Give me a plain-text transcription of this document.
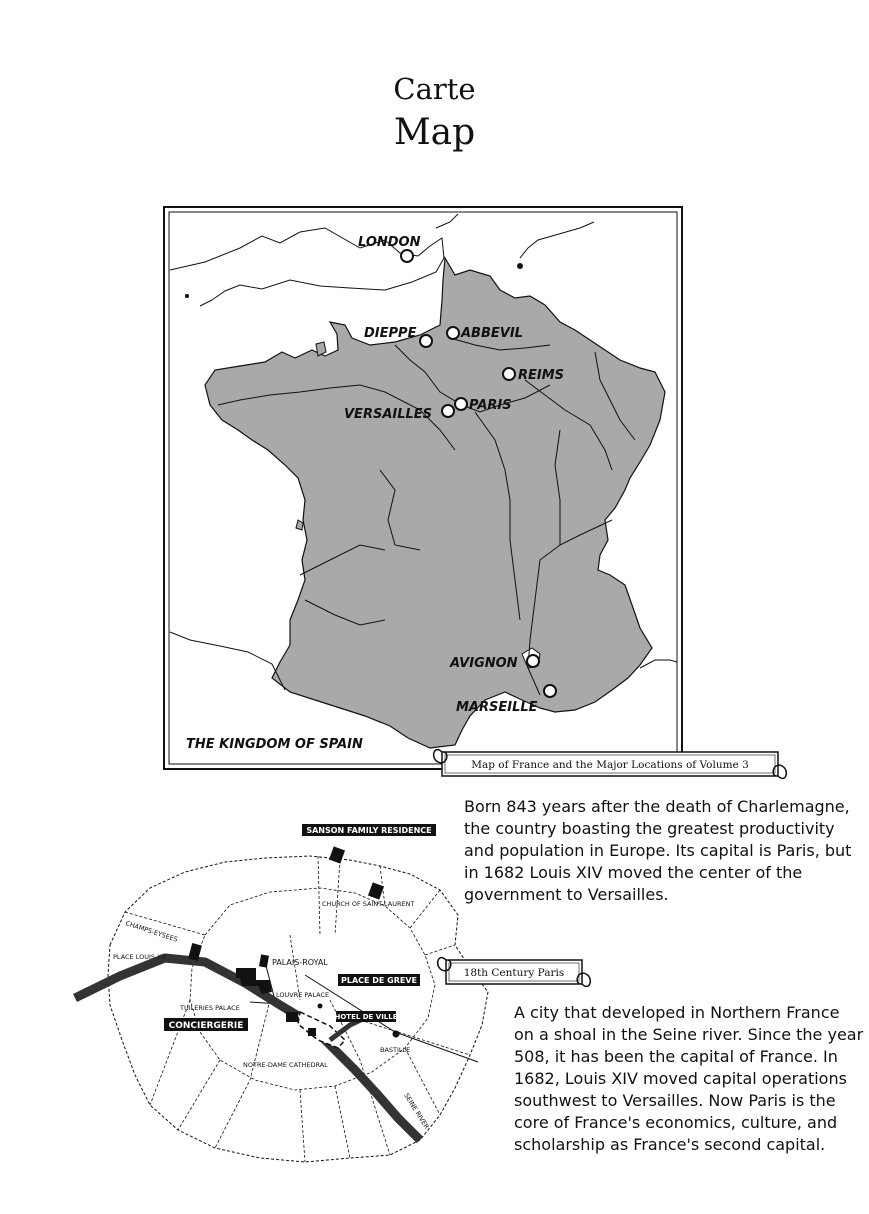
Carte
Map
LONDON
DIEPPE	ABBEVIL
REIMS
PARIS
VERSAILLES
AVIGNON
MARSEILLE
THE KINGDOM OF SPAIN
Map of France and the Major Locations of Volume 3
SANSON FAMILY RESIDENCE
PLACE DE GREVE
HOTEL DE VILLE
CONCIERGERIE
CHURCH OF SAINT-LAURENT
CHAMPS-EYSEES
PLACE LOUIS XV
PALAIS-ROYAL
TUILERIES PALACE
LOUVRE PALACE
BASTILLE
NOTRE-DAME CATHEDRAL
SEINE RIVER
18th Century Paris

Born 843 years after the death of Charlemagne, the country boasting the greatest productivity and population in Europe. Its capital is Paris, but in 1682 Louis XIV moved the center of the government to Versailles.

A city that developed in Northern France on a shoal in the Seine river. Since the year 508, it has been the capital of France. In 1682, Louis XIV moved capital operations southwest to Versailles. Now Paris is the core of France's economics, culture, and scholarship as France's second capital.
